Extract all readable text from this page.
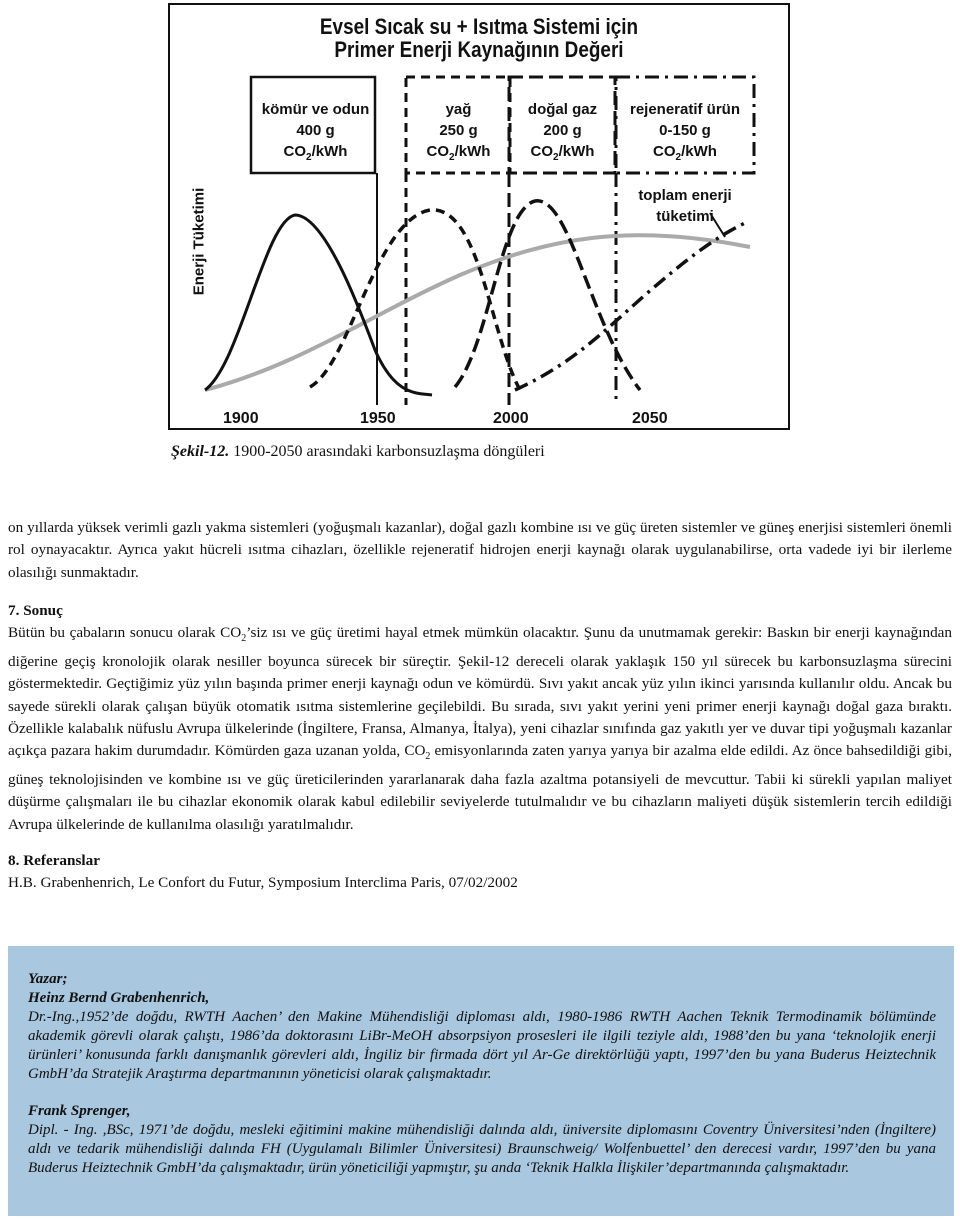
Evsel Sıcak su + Isıtma Sistemi için
Primer Enerji Kaynağının Değeri
kömür ve odun
400 g
$CO_2$/kWh
yağ
250 g
$CO_2$/kWh
doğal gaz
200 g
$CO_2$/kWh
rejeneratif ürün
0-150 g
$CO_2$/kWh
Enerji Tüketimi	toplam enerji
tüketimi
1900	1950	2000	2050
Şekil-12. 1900-2050 arasındaki karbonsuzlaşma döngüleri

on yıllarda yüksek verimli gazlı yakma sistemleri (yoğuşmalı kazanlar), doğal gazlı kombine ısı ve güç üreten sistemler ve güneş enerjisi sistemleri önemli rol oynayacaktır. Ayrıca yakıt hücreli ısıtma cihazları, özellikle rejeneratif hidrojen enerji kaynağı olarak uygulanabilirse, orta vadede iyi bir ilerleme olasılığı sunmaktadır.

7. Sonuç

Bütün bu çabaların sonucu olarak $CO_2’siz$ ısı ve güç üretimi hayal etmek mümkün olacaktır. Şunu da unutmamak gerekir: Baskın bir enerji kaynağından diğerine geçiş kronolojik olarak nesiller boyunca sürecek bir süreçtir. Şekil-12 dereceli olarak yaklaşık 150 yıl sürecek bu karbonsuzlaşma sürecini göstermektedir. Geçtiğimiz yüz yılın başında primer enerji kaynağı odun ve kömürdü. Sıvı yakıt ancak yüz yılın ikinci yarısında kullanılır oldu. Ancak bu sayede sürekli olarak çalışan büyük otomatik ısıtma sistemlerine geçilebildi. Bu sırada, sıvı yakıt yerini yeni primer enerji kaynağı doğal gaza bıraktı. Özellikle kalabalık nüfuslu Avrupa ülkelerinde (İngiltere, Fransa, Almanya, İtalya), yeni cihazlar sınıfında gaz yakıtlı yer ve duvar tipi yoğuşmalı kazanlar açıkça pazara hakim durumdadır. Kömürden gaza uzanan yolda, $CO_2$ emisyonlarında zaten yarıya yarıya bir azalma elde edildi. Az önce bahsedildiği gibi, güneş teknolojisinden ve kombine ısı ve güç üreticilerinden yararlanarak daha fazla azaltma potansiyeli de mevcuttur. Tabii ki sürekli yapılan maliyet düşürme çalışmaları ile bu cihazlar ekonomik olarak kabul edilebilir seviyelerde tutulmalıdır ve bu cihazların maliyeti düşük sistemlerin tercih edildiği Avrupa ülkelerinde de kullanılma olasılığı yaratılmalıdır.

8. Referanslar

H.B. Grabenhenrich, Le Confort du Futur, Symposium Interclima Paris, 07/02/2002

Yazar;

Heinz Bernd Grabenhenrich,

Dr.-Ing.,1952’de doğdu, RWTH Aachen’ den Makine Mühendisliği diploması aldı, 1980-1986 RWTH Aachen Teknik Termodinamik bölümünde akademik görevli olarak çalıştı, 1986’da doktorasını LiBr-MeOH absorpsiyon prosesleri ile ilgili teziyle aldı, 1988’den bu yana ‘teknolojik enerji ürünleri’ konusunda farklı danışmanlık görevleri aldı, İngiliz bir firmada dört yıl Ar-Ge direktörlüğü yaptı, 1997’den bu yana Buderus Heiztechnik GmbH’da Stratejik Araştırma departmanının yöneticisi olarak çalışmaktadır.

Frank Sprenger,

Dipl. - Ing. ,BSc, 1971’de doğdu, mesleki eğitimini makine mühendisliği dalında aldı, üniversite diplomasını Coventry Üniversitesi’nden (İngiltere) aldı ve tedarik mühendisliği dalında FH (Uygulamalı Bilimler Üniversitesi) Braunschweig/ Wolfenbuettel’ den derecesi vardır, 1997’den bu yana Buderus Heiztechnik GmbH’da çalışmaktadır, ürün yöneticiliği yapmıştır, şu anda ‘Teknik Halkla İlişkiler’departmanında çalışmaktadır.
